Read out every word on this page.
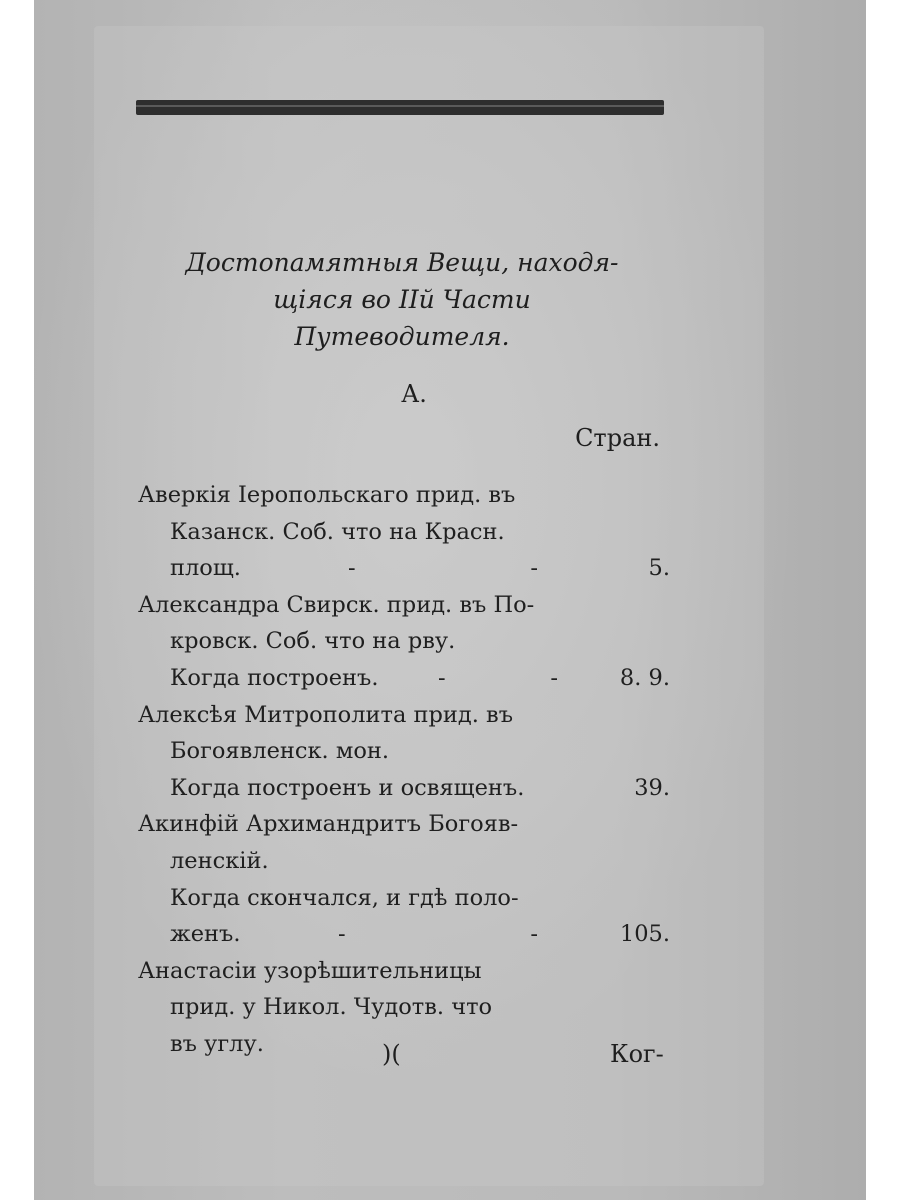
Достопамятныя Вещи, находя-
щіяся во IIй Части
Путеводителя.
А.
Стран.
Аверкія Іеропольскаго прид. въ
Казанск. Соб. что на Красн.
площ.	-	-	5.
Александра Свирск. прид. въ По-
кровск. Соб. что на рву.
Когда построенъ.	-	-	8. 9.
Алексѣя Митрополита прид. въ
Богоявленск. мон.
Когда построенъ и освященъ.	39.
Акинфій Архимандритъ Богояв-
ленскій.
Когда скончался, и гдѣ поло-
женъ.	-	-	105.
Анастасіи узорѣшительницы
прид. у Никол. Чудотв. что
въ углу.	)(	Ког-
